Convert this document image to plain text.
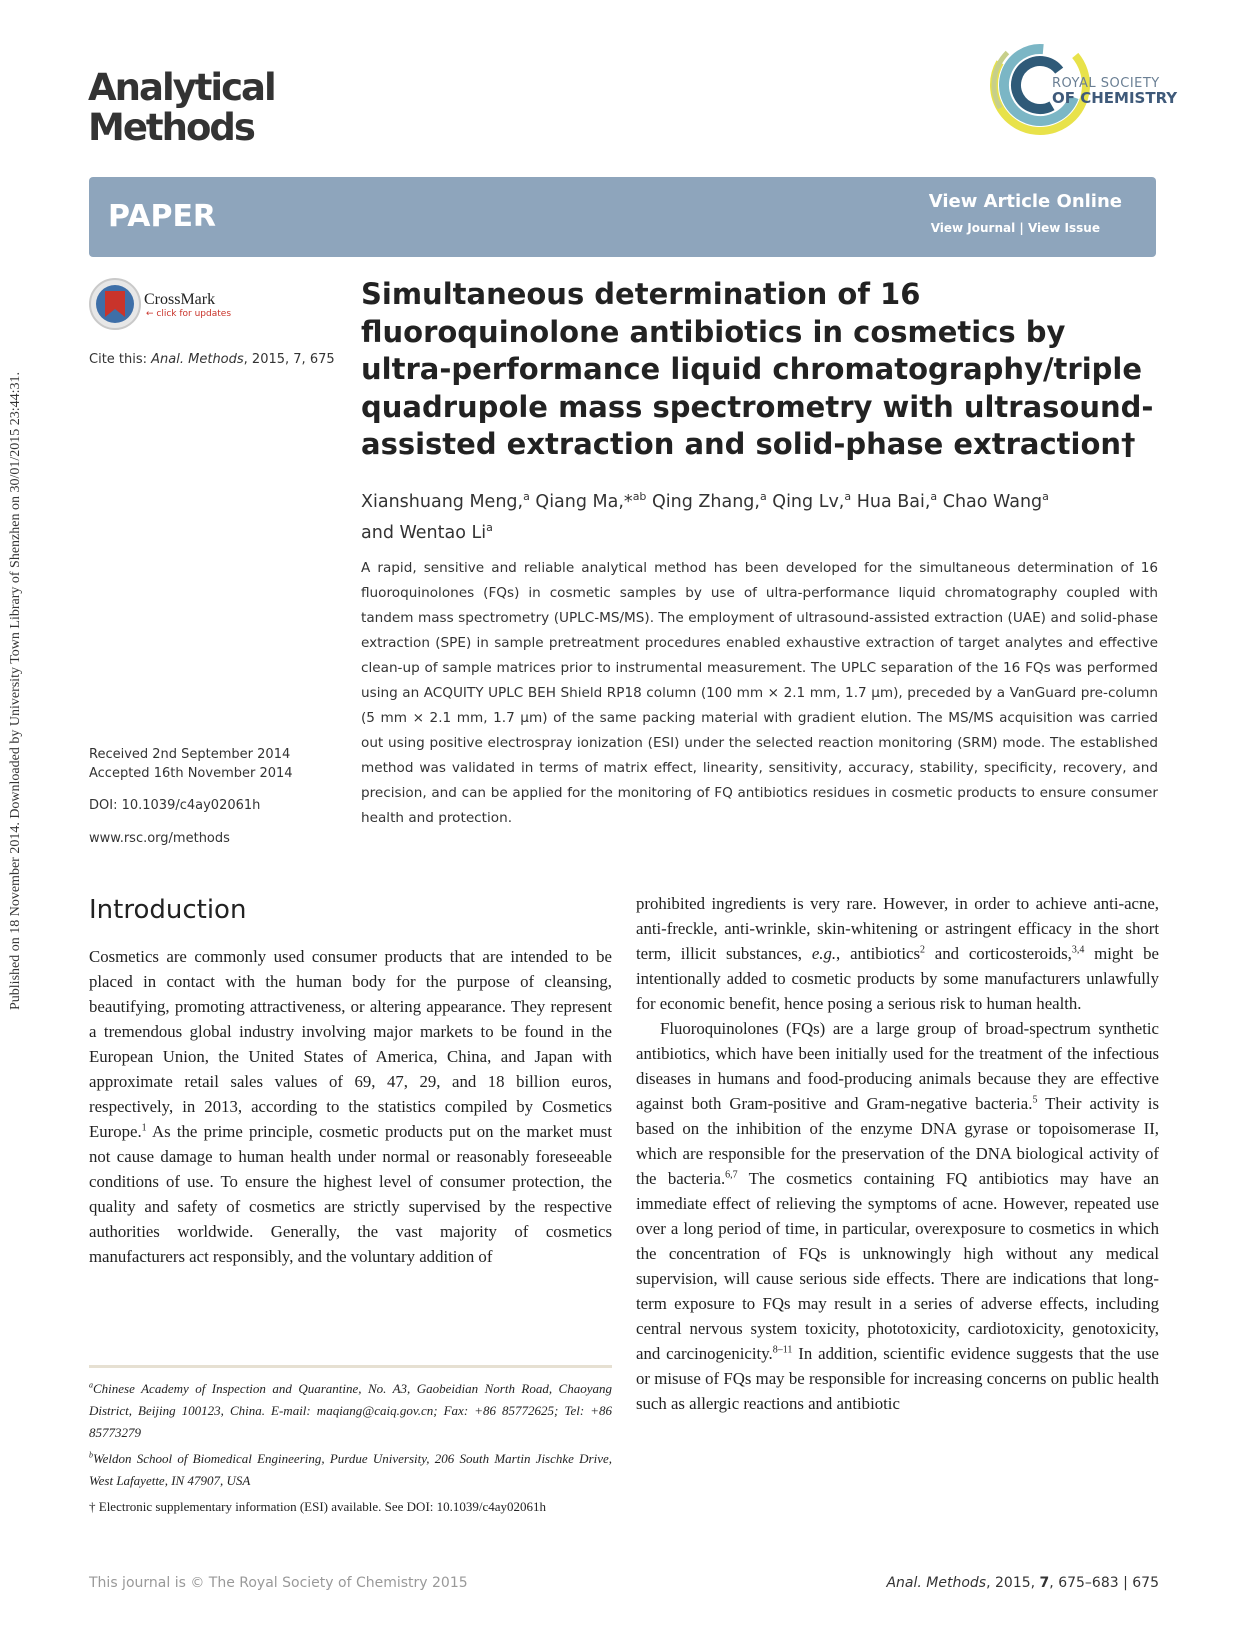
Published on 18 November 2014. Downloaded by University Town Library of Shenzhen on 30/01/2015 23:44:31.
Analytical
Methods
ROYAL SOCIETY
OF CHEMISTRY
PAPER	View Article Online
View Journal | View Issue
CrossMark
← click for updates
Cite this: Anal. Methods, 2015, 7, 675
Received 2nd September 2014
Accepted 16th November 2014
DOI: 10.1039/c4ay02061h
www.rsc.org/methods
Simultaneous determination of 16 fluoroquinolone antibiotics in cosmetics by ultra-performance liquid chromatography/triple quadrupole mass spectrometry with ultrasound-assisted extraction and solid-phase extraction†
Xianshuang Meng,$^a$ Qiang Ma,*$^{ab}$ Qing Zhang,$^a$ Qing Lv,$^a$ Hua Bai,$^a$ Chao Wang$^a$
and Wentao Li$^a$
A rapid, sensitive and reliable analytical method has been developed for the simultaneous determination of 16 fluoroquinolones (FQs) in cosmetic samples by use of ultra-performance liquid chromatography coupled with tandem mass spectrometry (UPLC-MS/MS). The employment of ultrasound-assisted extraction (UAE) and solid-phase extraction (SPE) in sample pretreatment procedures enabled exhaustive extraction of target analytes and effective clean-up of sample matrices prior to instrumental measurement. The UPLC separation of the 16 FQs was performed using an ACQUITY UPLC BEH Shield RP18 column (100 mm × 2.1 mm, 1.7 μm), preceded by a VanGuard pre-column (5 mm × 2.1 mm, 1.7 μm) of the same packing material with gradient elution. The MS/MS acquisition was carried out using positive electrospray ionization (ESI) under the selected reaction monitoring (SRM) mode. The established method was validated in terms of matrix effect, linearity, sensitivity, accuracy, stability, specificity, recovery, and precision, and can be applied for the monitoring of FQ antibiotics residues in cosmetic products to ensure consumer health and protection.
Introduction

Cosmetics are commonly used consumer products that are intended to be placed in contact with the human body for the purpose of cleansing, beautifying, promoting attractiveness, or altering appearance. They represent a tremendous global industry involving major markets to be found in the European Union, the United States of America, China, and Japan with approximate retail sales values of 69, 47, 29, and 18 billion euros, respectively, in 2013, according to the statistics compiled by Cosmetics Europe.$^1$ As the prime principle, cosmetic products put on the market must not cause damage to human health under normal or reasonably foreseeable conditions of use. To ensure the highest level of consumer protection, the quality and safety of cosmetics are strictly supervised by the respective authorities worldwide. Generally, the vast majority of cosmetics manufacturers act responsibly, and the voluntary addition of

prohibited ingredients is very rare. However, in order to achieve anti-acne, anti-freckle, anti-wrinkle, skin-whitening or astringent efficacy in the short term, illicit substances, e.g., antibiotics$^2$ and corticosteroids,$^{3,4}$ might be intentionally added to cosmetic products by some manufacturers unlawfully for economic benefit, hence posing a serious risk to human health.

Fluoroquinolones (FQs) are a large group of broad-spectrum synthetic antibiotics, which have been initially used for the treatment of the infectious diseases in humans and food-producing animals because they are effective against both Gram-positive and Gram-negative bacteria.$^5$ Their activity is based on the inhibition of the enzyme DNA gyrase or topoisomerase II, which are responsible for the preservation of the DNA biological activity of the bacteria.$^{6,7}$ The cosmetics containing FQ antibiotics may have an immediate effect of relieving the symptoms of acne. However, repeated use over a long period of time, in particular, overexposure to cosmetics in which the concentration of FQs is unknowingly high without any medical supervision, will cause serious side effects. There are indications that long-term exposure to FQs may result in a series of adverse effects, including central nervous system toxicity, phototoxicity, cardiotoxicity, genotoxicity, and carcinogenicity.$^{8-11}$ In addition, scientific evidence suggests that the use or misuse of FQs may be responsible for increasing concerns on public health such as allergic reactions and antibiotic

$^a$Chinese Academy of Inspection and Quarantine, No. A3, Gaobeidian North Road, Chaoyang District, Beijing 100123, China. E-mail: maqiang@caiq.gov.cn; Fax: +86 85772625; Tel: +86 85773279

$^b$Weldon School of Biomedical Engineering, Purdue University, 206 South Martin Jischke Drive, West Lafayette, IN 47907, USA

† Electronic supplementary information (ESI) available. See DOI: 10.1039/c4ay02061h

This journal is © The Royal Society of Chemistry 2015	Anal. Methods, 2015, 7, 675–683 | 675
